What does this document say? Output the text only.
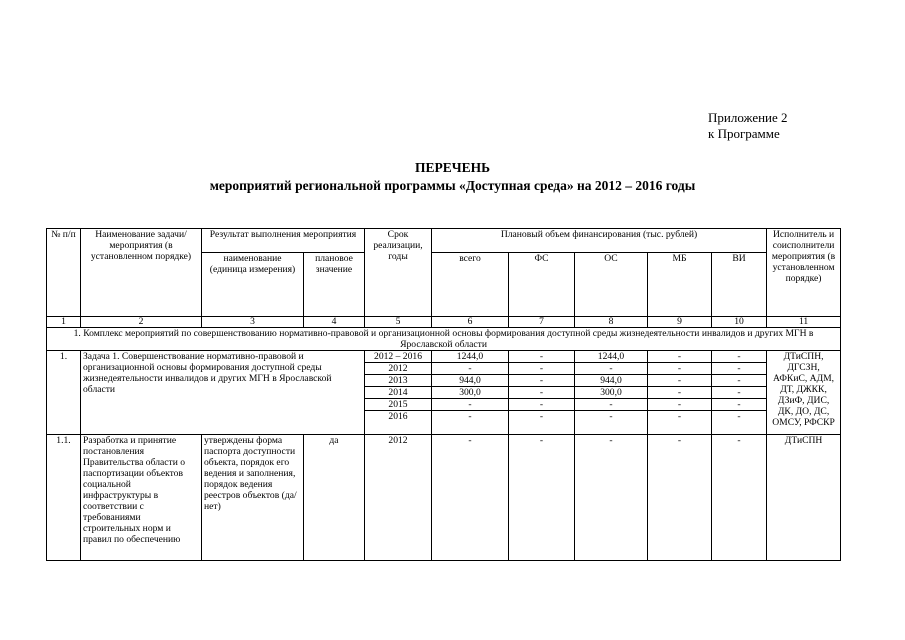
Приложение 2
к Программе
ПЕРЕЧЕНЬ
мероприятий региональной программы «Доступная среда» на 2012 – 2016 годы
№ п/п	Наименование задачи/ мероприятия (в установленном порядке)	Результат выполнения мероприятия		Срок реализации, годы	Плановый объем финансирования (тыс. рублей)					Исполнитель и соисполнители мероприятия (в установленном порядке)
		наименование (единица измерения)	плановое значение		всего	ФС	ОС	МБ	ВИ	
1	2	3	4	5	6	7	8	9	10	11
1. Комплекс мероприятий по совершенствованию нормативно-правовой и организационной основы формирования доступной среды жизнедеятельности инвалидов и других МГН в Ярославской области										
1.	Задача 1. Совершенствование нормативно-правовой и организационной основы формирования доступной среды жизнедеятельности инвалидов и других МГН в Ярославской области			2012 – 2016	1244,0	-	1244,0	-	-	ДТиСПН, ДГСЗН, АФКиС, АДМ, ДТ, ДЖКК, ДЗиФ, ДИС, ДК, ДО, ДС, ОМСУ, РФСКР
				2012	-	-	-	-	-	
				2013	944,0	-	944,0	-	-	
				2014	300,0	-	300,0	-	-	
				2015	-	-	-	-	-	
				2016	-	-	-	-	-	
1.1.	Разработка и принятие постановления Правительства области о паспортизации объектов социальной инфраструктуры в соответствии с требованиями строительных норм и правил по обеспечению	утверждены форма паспорта доступности объекта, порядок его ведения и заполнения, порядок ведения реестров объектов (да/ нет)	да	2012	-	-	-	-	-	ДТиСПН
